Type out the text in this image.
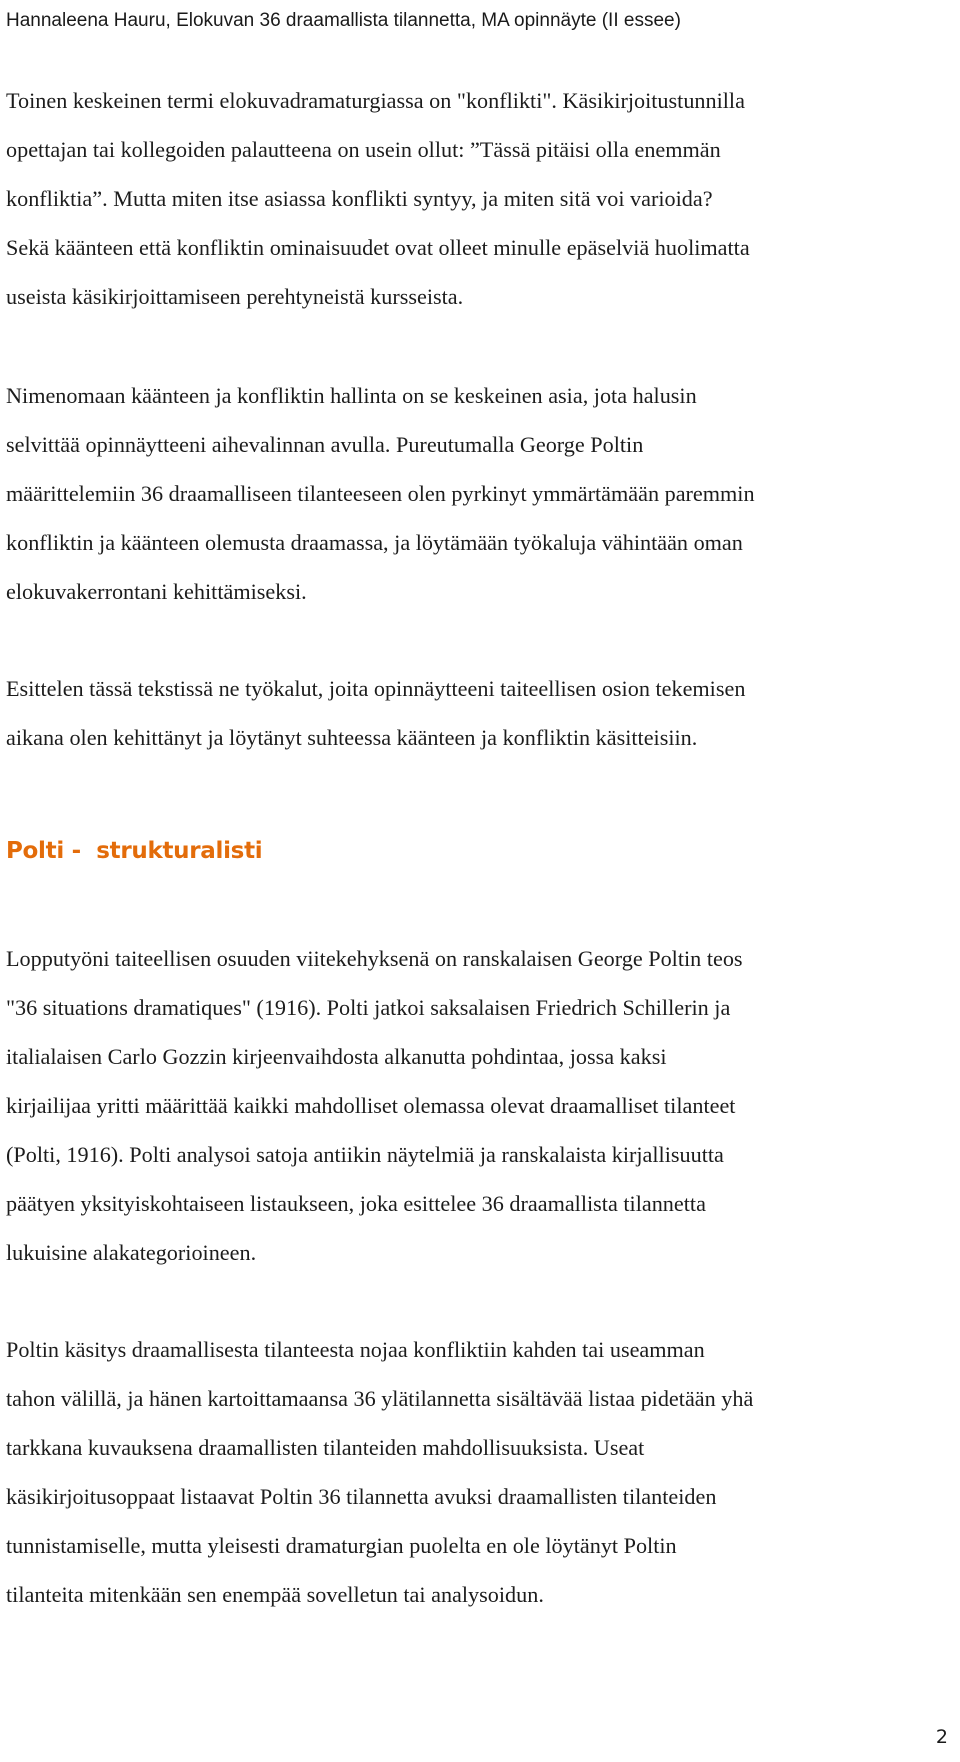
Hannaleena Hauru, Elokuvan 36 draamallista tilannetta, MA opinnäyte (II essee)

Toinen keskeinen termi elokuvadramaturgiassa on "konflikti". Käsikirjoitustunnilla
opettajan tai kollegoiden palautteena on usein ollut: ”Tässä pitäisi olla enemmän
konfliktia”. Mutta miten itse asiassa konflikti syntyy, ja miten sitä voi varioida?
Sekä käänteen että konfliktin ominaisuudet ovat olleet minulle epäselviä huolimatta
useista käsikirjoittamiseen perehtyneistä kursseista.

Nimenomaan käänteen ja konfliktin hallinta on se keskeinen asia, jota halusin
selvittää opinnäytteeni aihevalinnan avulla. Pureutumalla George Poltin
määrittelemiin 36 draamalliseen tilanteeseen olen pyrkinyt ymmärtämään paremmin
konfliktin ja käänteen olemusta draamassa, ja löytämään työkaluja vähintään oman
elokuvakerrontani kehittämiseksi.

Esittelen tässä tekstissä ne työkalut, joita opinnäytteeni taiteellisen osion tekemisen
aikana olen kehittänyt ja löytänyt suhteessa käänteen ja konfliktin käsitteisiin.

Polti -  strukturalisti

Lopputyöni taiteellisen osuuden viitekehyksenä on ranskalaisen George Poltin teos
"36 situations dramatiques" (1916). Polti jatkoi saksalaisen Friedrich Schillerin ja
italialaisen Carlo Gozzin kirjeenvaihdosta alkanutta pohdintaa, jossa kaksi
kirjailijaa yritti määrittää kaikki mahdolliset olemassa olevat draamalliset tilanteet
(Polti, 1916). Polti analysoi satoja antiikin näytelmiä ja ranskalaista kirjallisuutta
päätyen yksityiskohtaiseen listaukseen, joka esittelee 36 draamallista tilannetta
lukuisine alakategorioineen.

Poltin käsitys draamallisesta tilanteesta nojaa konfliktiin kahden tai useamman
tahon välillä, ja hänen kartoittamaansa 36 ylätilannetta sisältävää listaa pidetään yhä
tarkkana kuvauksena draamallisten tilanteiden mahdollisuuksista. Useat
käsikirjoitusoppaat listaavat Poltin 36 tilannetta avuksi draamallisten tilanteiden
tunnistamiselle, mutta yleisesti dramaturgian puolelta en ole löytänyt Poltin
tilanteita mitenkään sen enempää sovelletun tai analysoidun.

2
